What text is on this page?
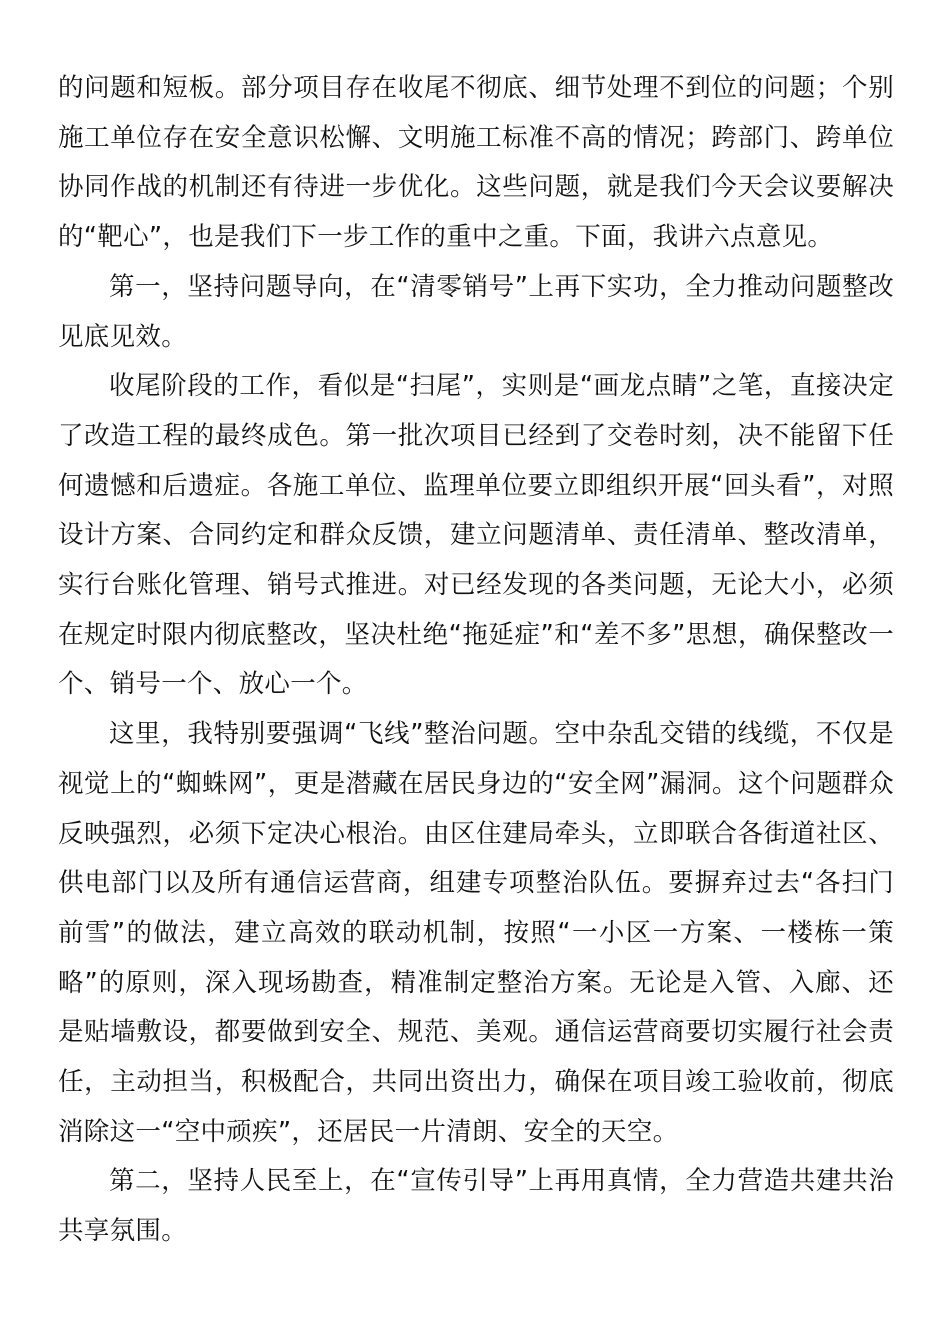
的问题和短板。部分项目存在收尾不彻底、细节处理不到位的问题；个别施工单位存在安全意识松懈、文明施工标准不高的情况；跨部门、跨单位协同作战的机制还有待进一步优化。这些问题，就是我们今天会议要解决的“靶心”，也是我们下一步工作的重中之重。下面，我讲六点意见。

第一，坚持问题导向，在“清零销号”上再下实功，全力推动问题整改见底见效。

收尾阶段的工作，看似是“扫尾”，实则是“画龙点睛”之笔，直接决定了改造工程的最终成色。第一批次项目已经到了交卷时刻，决不能留下任何遗憾和后遗症。各施工单位、监理单位要立即组织开展“回头看”，对照设计方案、合同约定和群众反馈，建立问题清单、责任清单、整改清单，实行台账化管理、销号式推进。对已经发现的各类问题，无论大小，必须在规定时限内彻底整改，坚决杜绝“拖延症”和“差不多”思想，确保整改一个、销号一个、放心一个。

这里，我特别要强调“飞线”整治问题。空中杂乱交错的线缆，不仅是视觉上的“蜘蛛网”，更是潜藏在居民身边的“安全网”漏洞。这个问题群众反映强烈，必须下定决心根治。由区住建局牵头，立即联合各街道社区、供电部门以及所有通信运营商，组建专项整治队伍。要摒弃过去“各扫门前雪”的做法，建立高效的联动机制，按照“一小区一方案、一楼栋一策略”的原则，深入现场勘查，精准制定整治方案。无论是入管、入廊、还是贴墙敷设，都要做到安全、规范、美观。通信运营商要切实履行社会责任，主动担当，积极配合，共同出资出力，确保在项目竣工验收前，彻底消除这一“空中顽疾”，还居民一片清朗、安全的天空。

第二，坚持人民至上，在“宣传引导”上再用真情，全力营造共建共治共享氛围。
